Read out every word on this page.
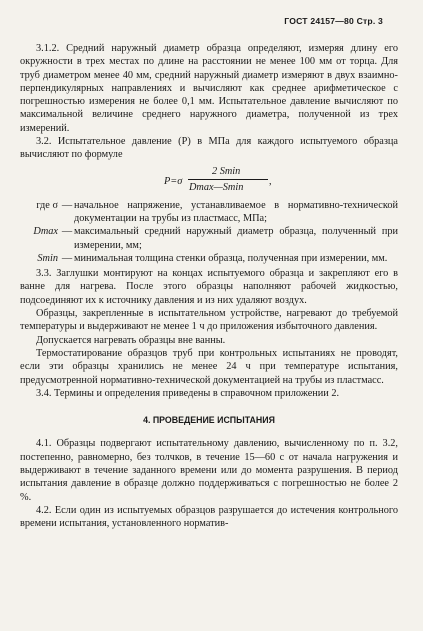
ГОСТ 24157—80 Стр. 3

3.1.2. Средний наружный диаметр образца определяют, измеряя длину его окружности в трех местах по длине на расстоянии не менее 100 мм от торца. Для труб диаметром менее 40 мм, средний наружный диаметр измеряют в двух взаимно-перпендикулярных направлениях и вычисляют как среднее арифметическое с погрешностью измерения не более 0,1 мм. Испытательное давление вычисляют по максимальной величине среднего наружного диаметра, полученной из трех измерений.

3.2. Испытательное давление (P) в МПа для каждого испытуемого образца вычисляют по формуле

P=σ
2 Smin
Dmax—Smin
,
где σ — начальное напряжение, устанавливаемое в нормативно-технической документации на трубы из пластмасс, МПа;
Dmax — максимальный средний наружный диаметр образца, полученный при измерении, мм;
Smin — минимальная толщина стенки образца, полученная при измерении, мм.

3.3. Заглушки монтируют на концах испытуемого образца и закрепляют его в ванне для нагрева. После этого образцы наполняют рабочей жидкостью, подсоединяют их к источнику давления и из них удаляют воздух.

Образцы, закрепленные в испытательном устройстве, нагревают до требуемой температуры и выдерживают не менее 1 ч до приложения избыточного давления.

Допускается нагревать образцы вне ванны.

Термостатирование образцов труб при контрольных испытаниях не проводят, если эти образцы хранились не менее 24 ч при температуре испытания, предусмотренной нормативно-технической документацией на трубы из пластмасс.

3.4. Термины и определения приведены в справочном приложении 2.

4. ПРОВЕДЕНИЕ ИСПЫТАНИЯ

4.1. Образцы подвергают испытательному давлению, вычисленному по п. 3.2, постепенно, равномерно, без толчков, в течение 15—60 с от начала нагружения и выдерживают в течение заданного времени или до момента разрушения. В период испытания давление в образце должно поддерживаться с погрешностью не более 2 %.

4.2. Если один из испытуемых образцов разрушается до истечения контрольного времени испытания, установленного норматив-
